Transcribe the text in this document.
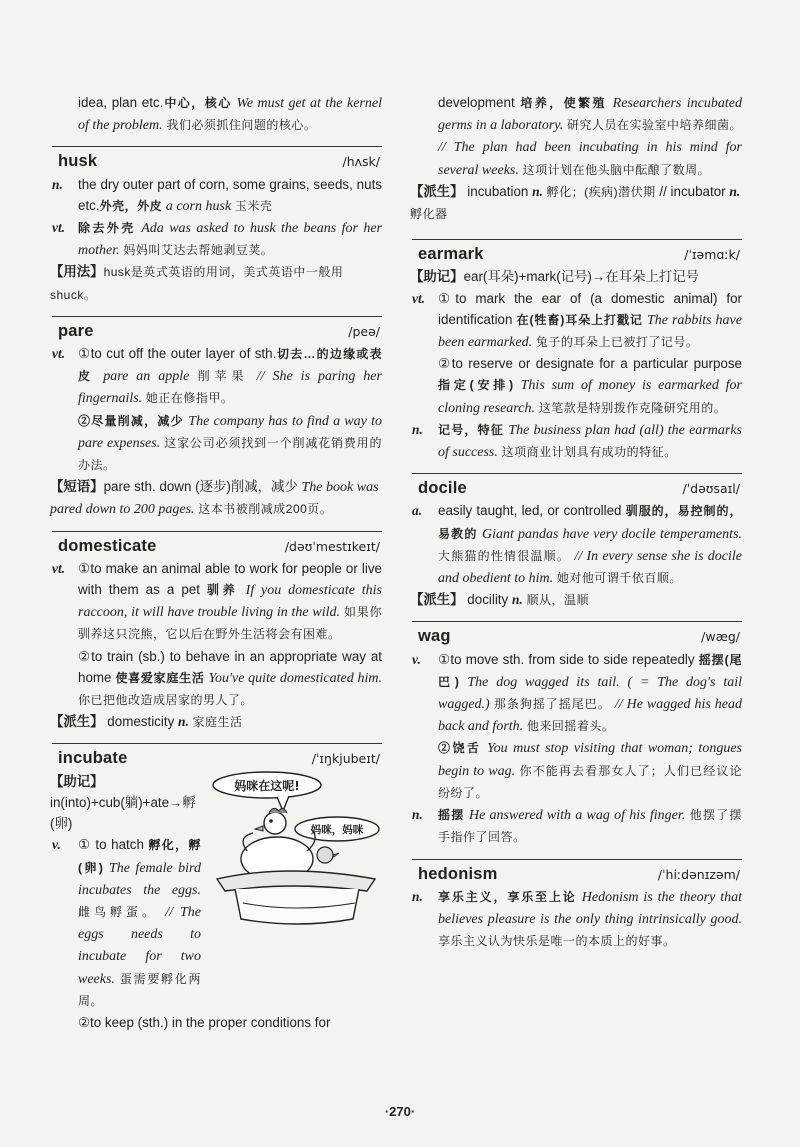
idea, plan etc.中心，核心 We must get at the kernel of the problem. 我们必须抓住问题的核心。
husk	/hʌsk/
n.	the dry outer part of corn, some grains, seeds, nuts etc.外壳，外皮 a corn husk 玉米壳
vt.	除去外壳 Ada was asked to husk the beans for her mother. 妈妈叫艾达去帮她剥豆荚。
【用法】husk是英式英语的用词，美式英语中一般用shuck。
pare	/peə/
vt. ①to cut off the outer layer of sth.切去…的边缘或表皮 pare an apple 削苹果 // She is paring her fingernails. 她正在修指甲。
②尽量削减，减少 The company has to find a way to pare expenses. 这家公司必须找到一个削减花销费用的办法。
【短语】pare sth. down (逐步)削减，减少 The book was pared down to 200 pages. 这本书被削减成200页。
domesticate	/dəʊˈmestɪkeɪt/
vt. ①to make an animal able to work for people or live with them as a pet 驯养 If you domesticate this raccoon, it will have trouble living in the wild. 如果你驯养这只浣熊，它以后在野外生活将会有困难。
②to train (sb.) to behave in an appropriate way at home 使喜爱家庭生活 You've quite domesticated him. 你已把他改造成居家的男人了。
【派生】 domesticity n. 家庭生活
incubate	/ˈɪŋkjubeɪt/
妈咪在这呢!
妈咪，妈咪
【助记】in(into)+cub(躺)+ate→孵(卵)
v.	① to hatch 孵化，孵(卵) The female bird incubates the eggs. 雌鸟孵蛋。 // The eggs needs to incubate for two weeks. 蛋需要孵化两周。
②to keep (sth.) in the proper conditions for
development 培养，使繁殖 Researchers incubated germs in a laboratory. 研究人员在实验室中培养细菌。 // The plan had been incubating in his mind for several weeks. 这项计划在他头脑中酝酿了数周。
【派生】 incubation n. 孵化；(疾病)潜伏期 // incubator n. 孵化器
earmark	/ˈɪəmɑːk/
【助记】ear(耳朵)+mark(记号)→在耳朵上打记号
vt. ①to mark the ear of (a domestic animal) for identification 在(牲畜)耳朵上打戳记 The rabbits have been earmarked. 兔子的耳朵上已被打了记号。
②to reserve or designate for a particular purpose 指定(安排) This sum of money is earmarked for cloning research. 这笔款是特别拨作克隆研究用的。
n.	记号，特征 The business plan had (all) the earmarks of success. 这项商业计划具有成功的特征。
docile	/ˈdəʊsaɪl/
a.	easily taught, led, or controlled 驯服的，易控制的，易教的 Giant pandas have very docile temperaments. 大熊猫的性情很温顺。 // In every sense she is docile and obedient to him. 她对他可谓千依百顺。
【派生】 docility n. 顺从，温顺
wag	/wæg/
v.	①to move sth. from side to side repeatedly 摇摆(尾巴) The dog wagged its tail. ( = The dog's tail wagged.) 那条狗摇了摇尾巴。 // He wagged his head back and forth. 他来回摇着头。
②饶舌 You must stop visiting that woman; tongues begin to wag. 你不能再去看那女人了；人们已经议论纷纷了。
n.	摇摆 He answered with a wag of his finger. 他摆了摆手指作了回答。
hedonism	/ˈhiːdənɪzəm/
n.	享乐主义，享乐至上论 Hedonism is the theory that believes pleasure is the only thing intrinsically good. 享乐主义认为快乐是唯一的本质上的好事。
·270·
